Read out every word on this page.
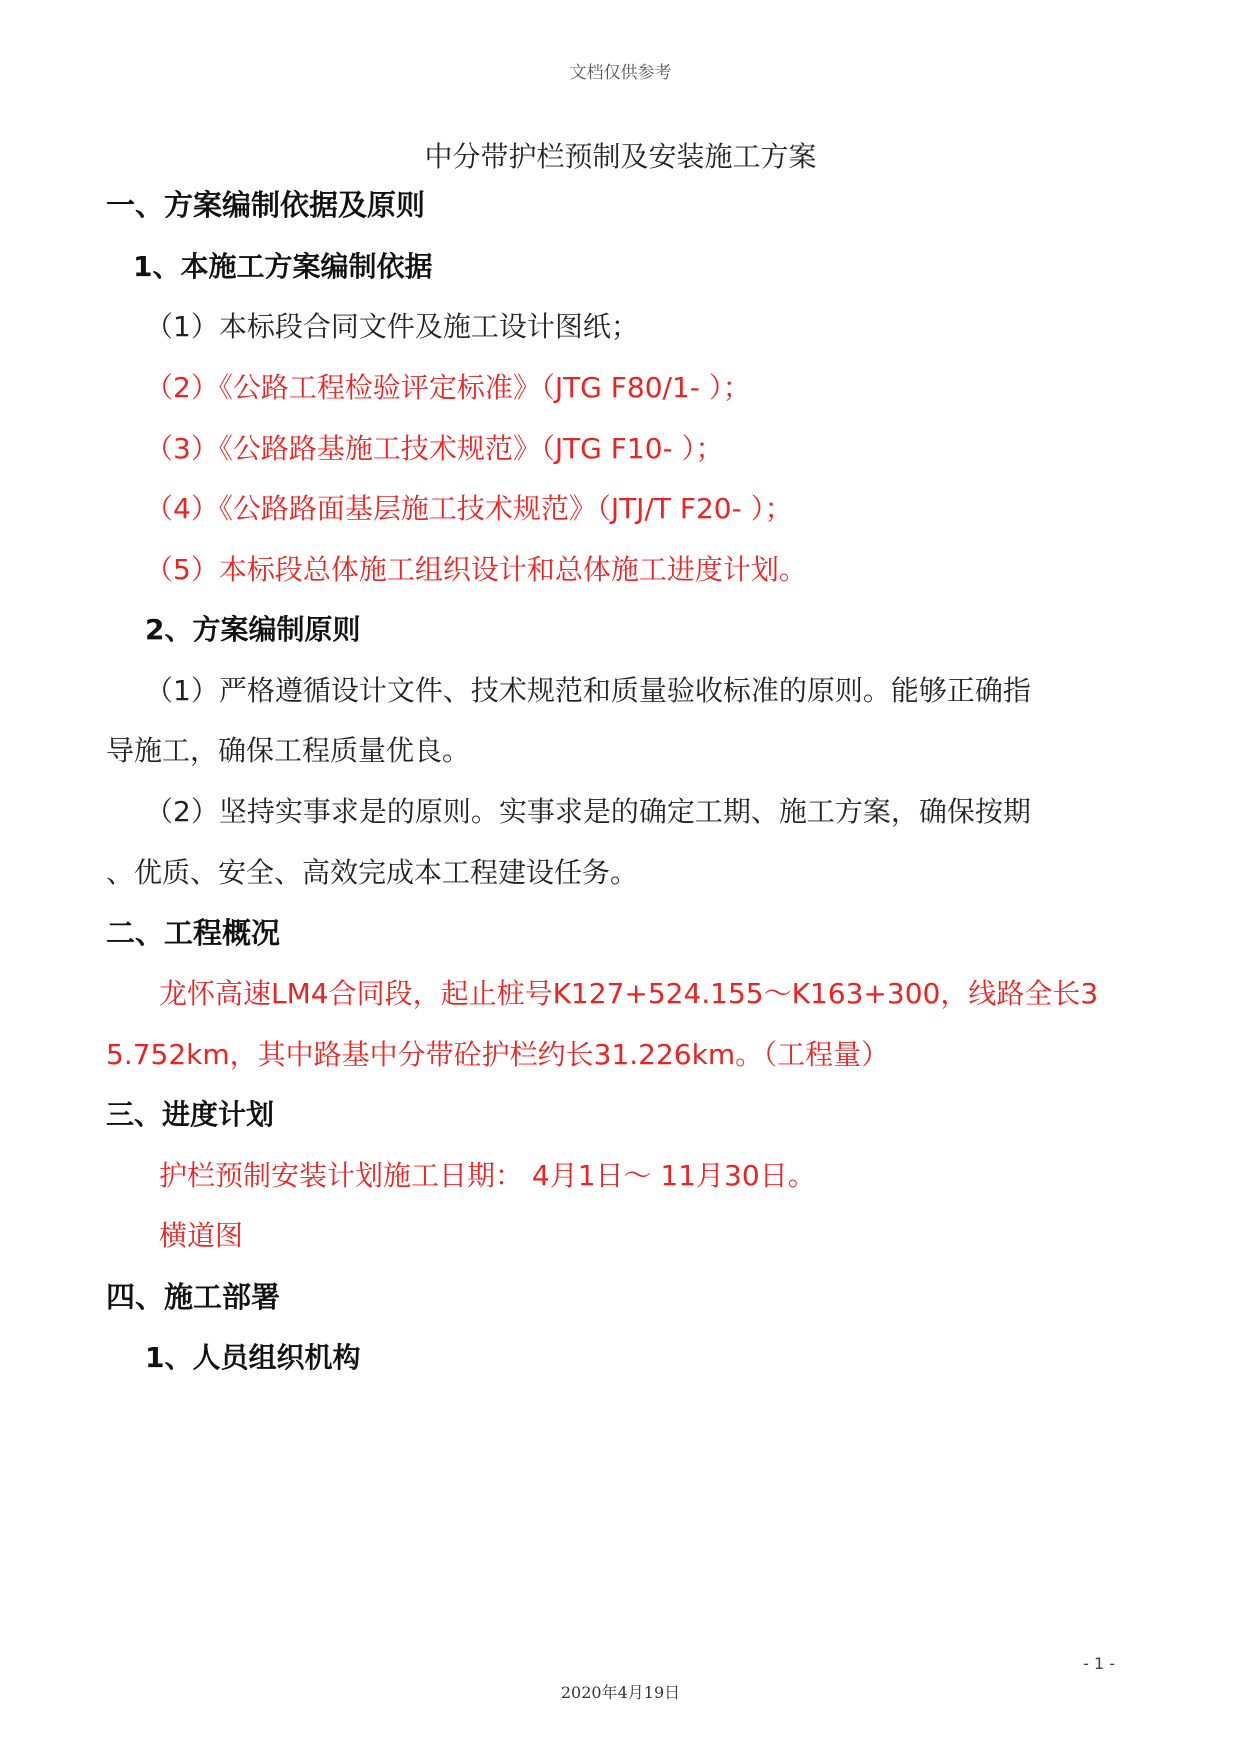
文档仅供参考
中分带护栏预制及安装施工方案
一、方案编制依据及原则
1、本施工方案编制依据
（1）本标段合同文件及施工设计图纸；
（2）《公路工程检验评定标准》（JTG F80/1- ）；
（3）《公路路基施工技术规范》（JTG F10- ）；
（4）《公路路面基层施工技术规范》（JTJ/T F20- ）；
（5）本标段总体施工组织设计和总体施工进度计划。
2、方案编制原则
（1）严格遵循设计文件、技术规范和质量验收标准的原则。能够正确指
导施工，确保工程质量优良。
（2）坚持实事求是的原则。实事求是的确定工期、施工方案，确保按期
、优质、安全、高效完成本工程建设任务。
二、工程概况
龙怀高速LM4合同段，起止桩号K127+524.155～K163+300，线路全长3
5.752km，其中路基中分带砼护栏约长31.226km。（工程量）
三、进度计划
护栏预制安装计划施工日期： 4月1日～ 11月30日。
横道图
四、施工部署
1、人员组织机构
- 1 -
2020年4月19日
